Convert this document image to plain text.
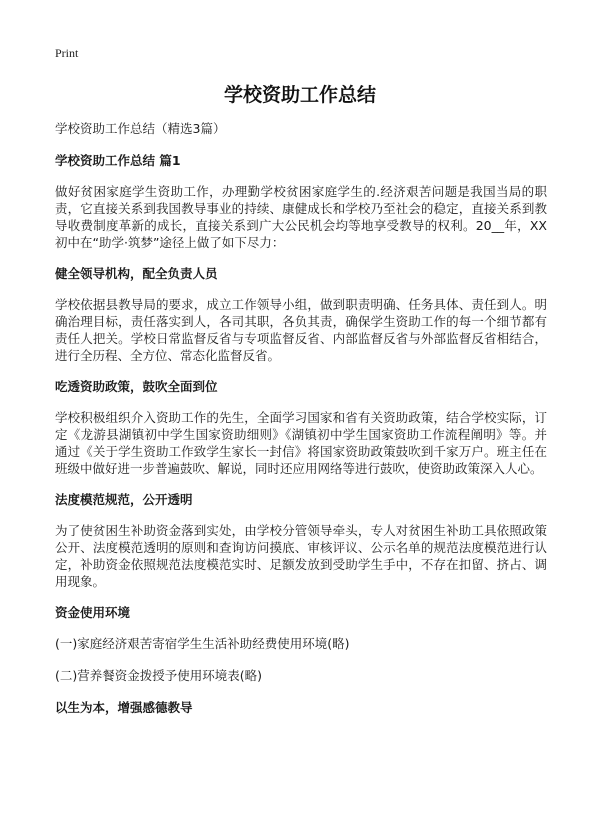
Print
学校资助工作总结

学校资助工作总结（精选3篇）

学校资助工作总结 篇1

做好贫困家庭学生资助工作，办理勤学校贫困家庭学生的.经济艰苦问题是我国当局的职责，它直接关系到我国教导事业的持续、康健成长和学校乃至社会的稳定，直接关系到教导收费制度革新的成长，直接关系到广大公民机会均等地享受教导的权利。20__年，XX初中在“助学·筑梦”途径上做了如下尽力：

健全领导机构，配全负责人员

学校依据县教导局的要求，成立工作领导小组，做到职责明确、任务具体、责任到人。明确治理目标，责任落实到人，各司其职，各负其责，确保学生资助工作的每一个细节都有责任人把关。学校日常监督反省与专项监督反省、内部监督反省与外部监督反省相结合，进行全历程、全方位、常态化监督反省。

吃透资助政策，鼓吹全面到位

学校积极组织介入资助工作的先生，全面学习国家和省有关资助政策，结合学校实际，订定《龙游县湖镇初中学生国家资助细则》《湖镇初中学生国家资助工作流程阐明》等。并通过《关于学生资助工作致学生家长一封信》将国家资助政策鼓吹到千家万户。班主任在班级中做好进一步普遍鼓吹、解说，同时还应用网络等进行鼓吹，使资助政策深入人心。

法度模范规范，公开透明

为了使贫困生补助资金落到实处，由学校分管领导牵头，专人对贫困生补助工具依照政策公开、法度模范透明的原则和查询访问摸底、审核评议、公示名单的规范法度模范进行认定，补助资金依照规范法度模范实时、足额发放到受助学生手中，不存在扣留、挤占、调用现象。

资金使用环境

(一)家庭经济艰苦寄宿学生生活补助经费使用环境(略)

(二)营养餐资金拨授予使用环境表(略)

以生为本，增强感德教导
